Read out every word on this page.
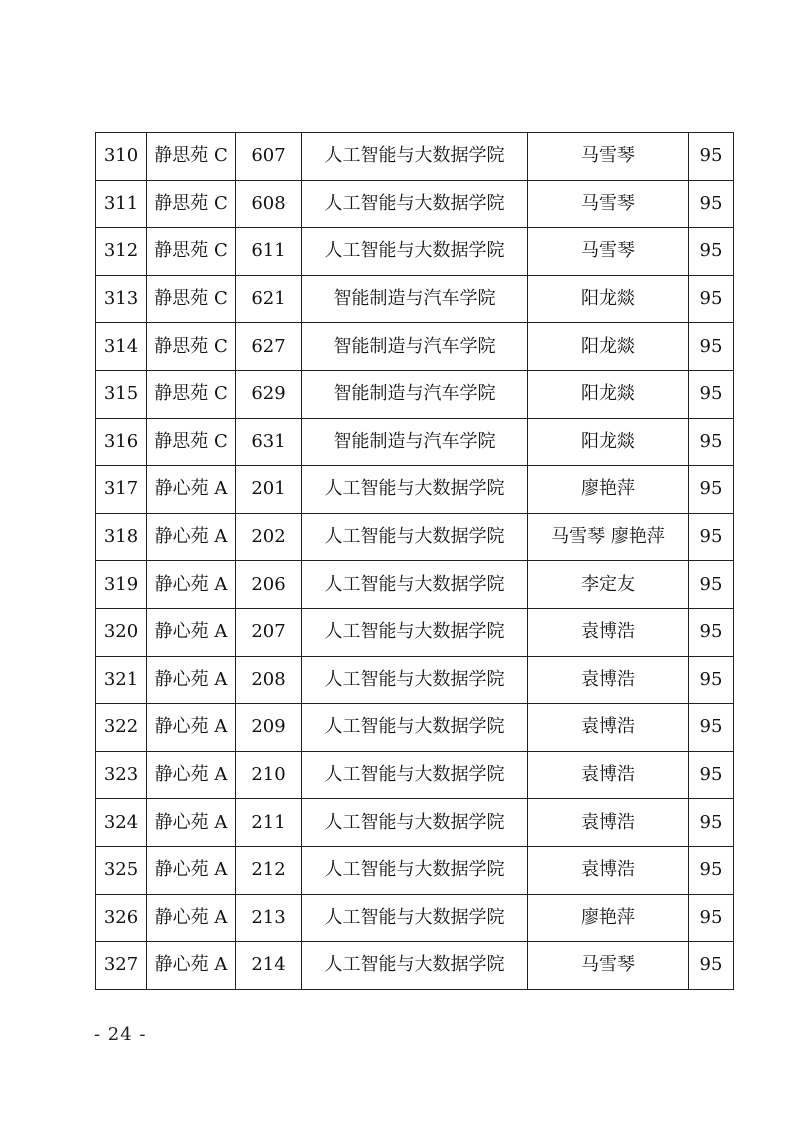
310	静思苑 C	607	人工智能与大数据学院	马雪琴	95
311	静思苑 C	608	人工智能与大数据学院	马雪琴	95
312	静思苑 C	611	人工智能与大数据学院	马雪琴	95
313	静思苑 C	621	智能制造与汽车学院	阳龙燚	95
314	静思苑 C	627	智能制造与汽车学院	阳龙燚	95
315	静思苑 C	629	智能制造与汽车学院	阳龙燚	95
316	静思苑 C	631	智能制造与汽车学院	阳龙燚	95
317	静心苑 A	201	人工智能与大数据学院	廖艳萍	95
318	静心苑 A	202	人工智能与大数据学院	马雪琴 廖艳萍	95
319	静心苑 A	206	人工智能与大数据学院	李定友	95
320	静心苑 A	207	人工智能与大数据学院	袁博浩	95
321	静心苑 A	208	人工智能与大数据学院	袁博浩	95
322	静心苑 A	209	人工智能与大数据学院	袁博浩	95
323	静心苑 A	210	人工智能与大数据学院	袁博浩	95
324	静心苑 A	211	人工智能与大数据学院	袁博浩	95
325	静心苑 A	212	人工智能与大数据学院	袁博浩	95
326	静心苑 A	213	人工智能与大数据学院	廖艳萍	95
327	静心苑 A	214	人工智能与大数据学院	马雪琴	95
- 24 -
